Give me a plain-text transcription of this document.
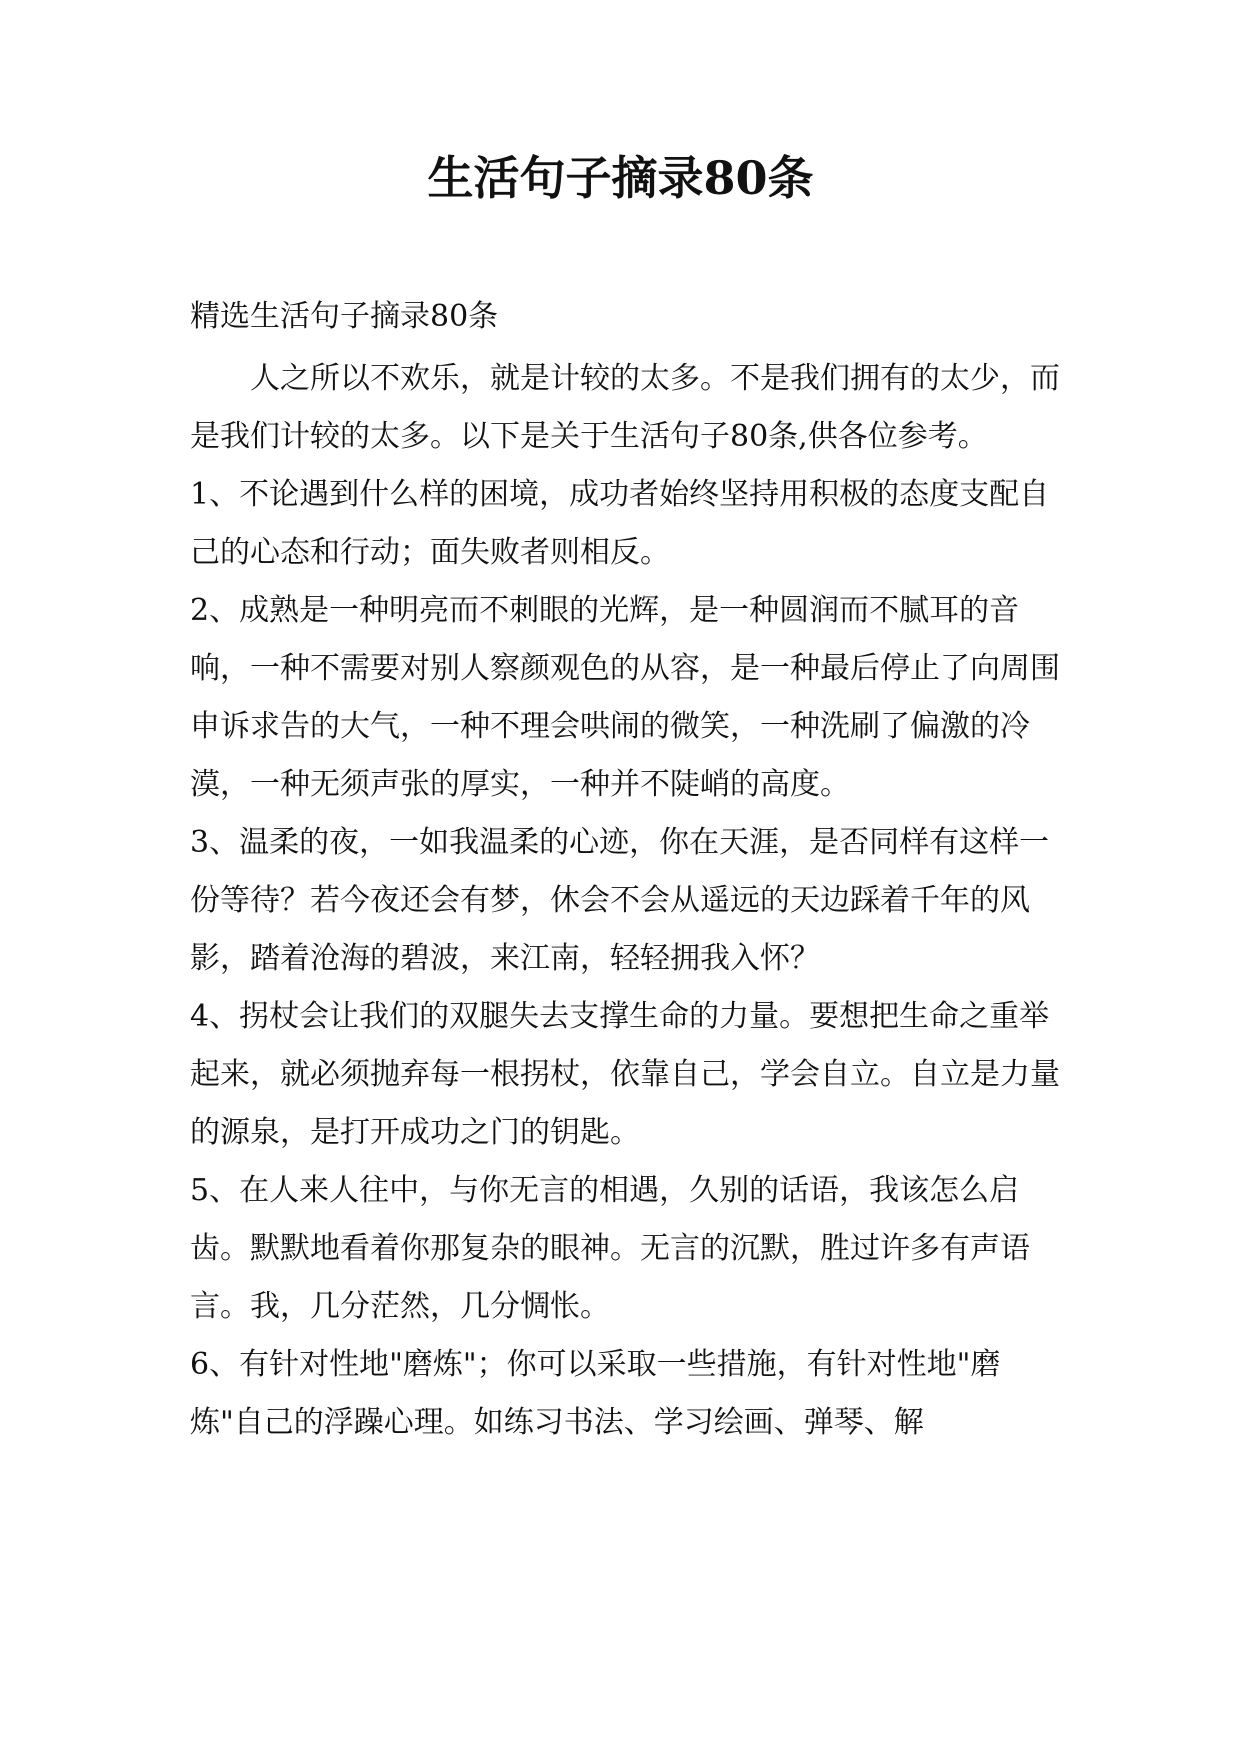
生活句子摘录80条

精选生活句子摘录80条

人之所以不欢乐，就是计较的太多。不是我们拥有的太少，而是我们计较的太多。以下是关于生活句子80条,供各位参考。

1、不论遇到什么样的困境，成功者始终坚持用积极的态度支配自己的心态和行动；面失败者则相反。

2、成熟是一种明亮而不刺眼的光辉，是一种圆润而不腻耳的音响，一种不需要对别人察颜观色的从容，是一种最后停止了向周围申诉求告的大气，一种不理会哄闹的微笑，一种洗刷了偏激的冷漠，一种无须声张的厚实，一种并不陡峭的高度。

3、温柔的夜，一如我温柔的心迹，你在天涯，是否同样有这样一份等待？若今夜还会有梦，休会不会从遥远的天边踩着千年的风影，踏着沧海的碧波，来江南，轻轻拥我入怀？

4、拐杖会让我们的双腿失去支撑生命的力量。要想把生命之重举起来，就必须抛弃每一根拐杖，依靠自己，学会自立。自立是力量的源泉，是打开成功之门的钥匙。

5、在人来人往中，与你无言的相遇，久别的话语，我该怎么启齿。默默地看着你那复杂的眼神。无言的沉默，胜过许多有声语言。我，几分茫然，几分惆怅。

6、有针对性地"磨炼"；你可以采取一些措施，有针对性地"磨炼"自己的浮躁心理。如练习书法、学习绘画、弹琴、解
